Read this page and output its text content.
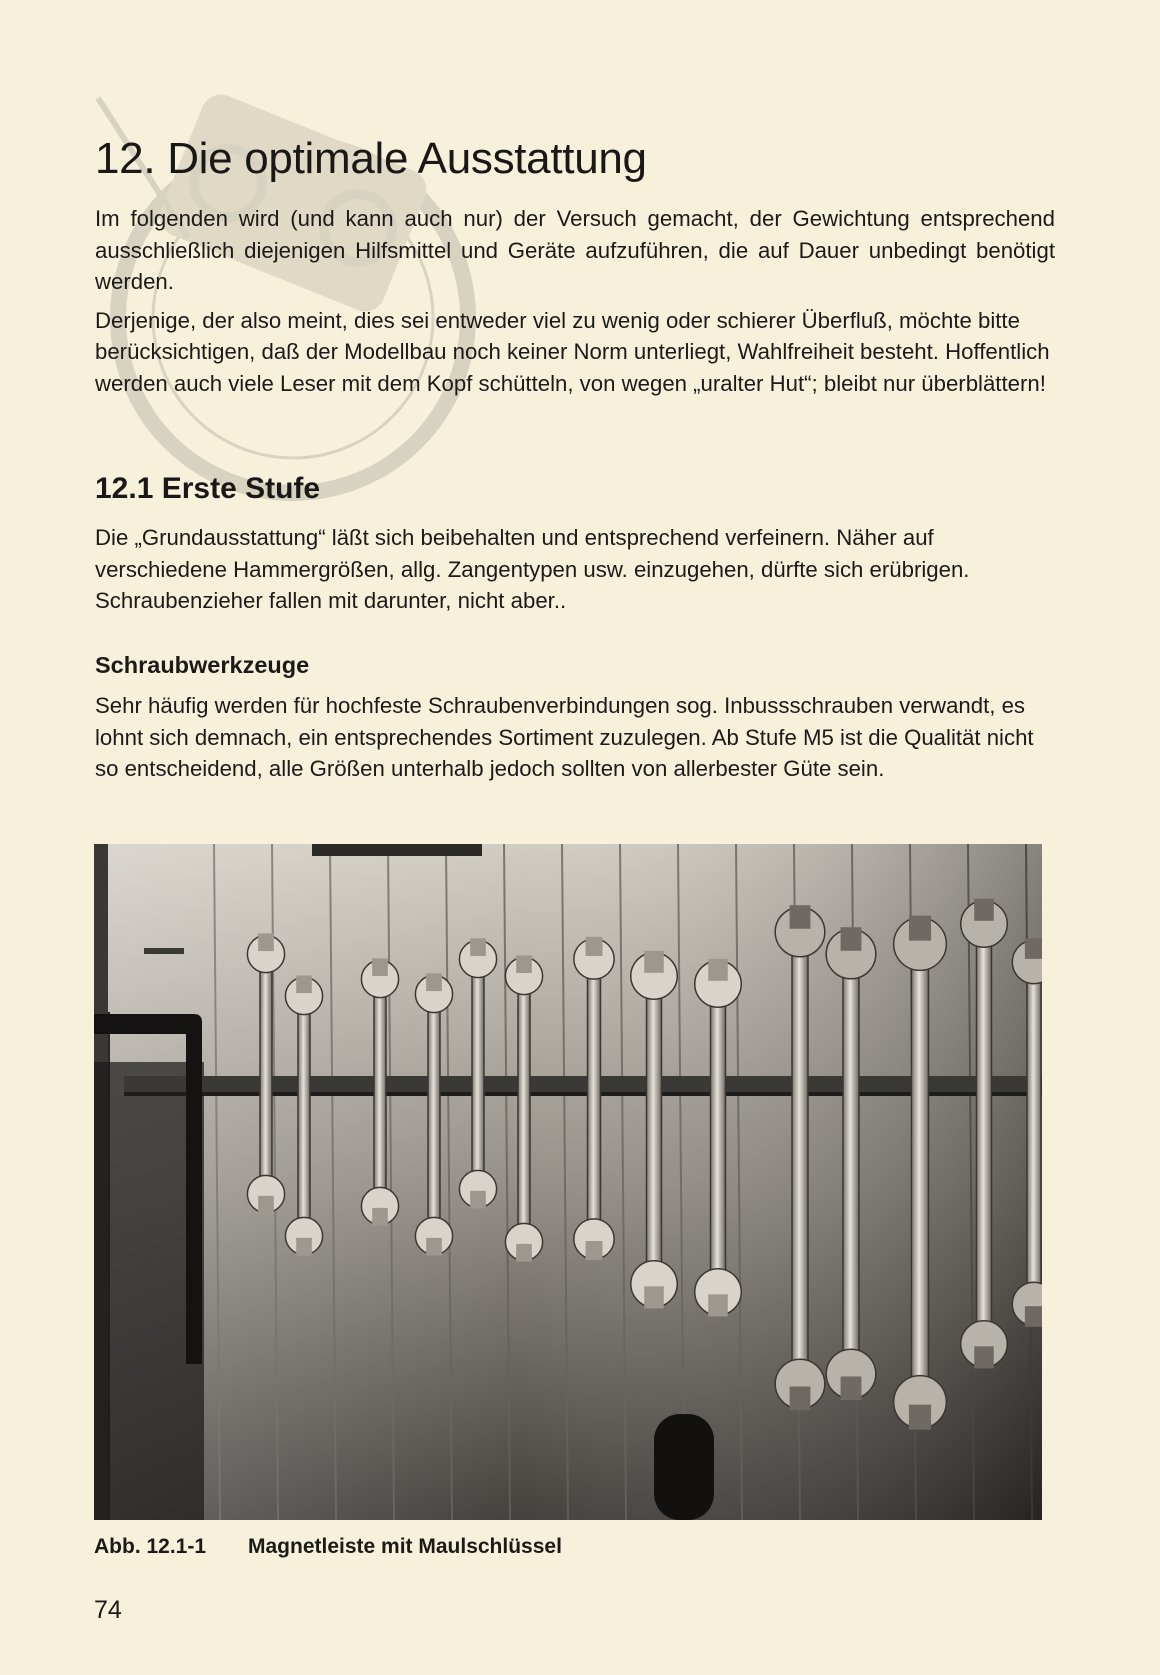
12. Die optimale Ausstattung

Im folgenden wird (und kann auch nur) der Versuch gemacht, der Gewichtung entsprechend ausschließlich diejenigen Hilfsmittel und Geräte aufzuführen, die auf Dauer unbedingt benötigt werden.

Derjenige, der also meint, dies sei entweder viel zu wenig oder schierer Überfluß, möchte bitte berücksichtigen, daß der Modellbau noch keiner Norm unterliegt, Wahlfreiheit besteht. Hoffentlich werden auch viele Leser mit dem Kopf schütteln, von wegen „uralter Hut“; bleibt nur überblättern!

12.1 Erste Stufe

Die „Grundausstattung“ läßt sich beibehalten und entsprechend verfeinern. Näher auf verschiedene Hammergrößen, allg. Zangentypen usw. einzugehen, dürfte sich erübrigen. Schraubenzieher fallen mit darunter, nicht aber..

Schraubwerkzeuge

Sehr häufig werden für hochfeste Schraubenverbindungen sog. Inbussschrauben verwandt, es lohnt sich demnach, ein entsprechendes Sortiment zuzulegen. Ab Stufe M5 ist die Qualität nicht so entscheidend, alle Größen unterhalb jedoch sollten von allerbester Güte sein.

Abb. 12.1-1 Magnetleiste mit Maulschlüssel
74
